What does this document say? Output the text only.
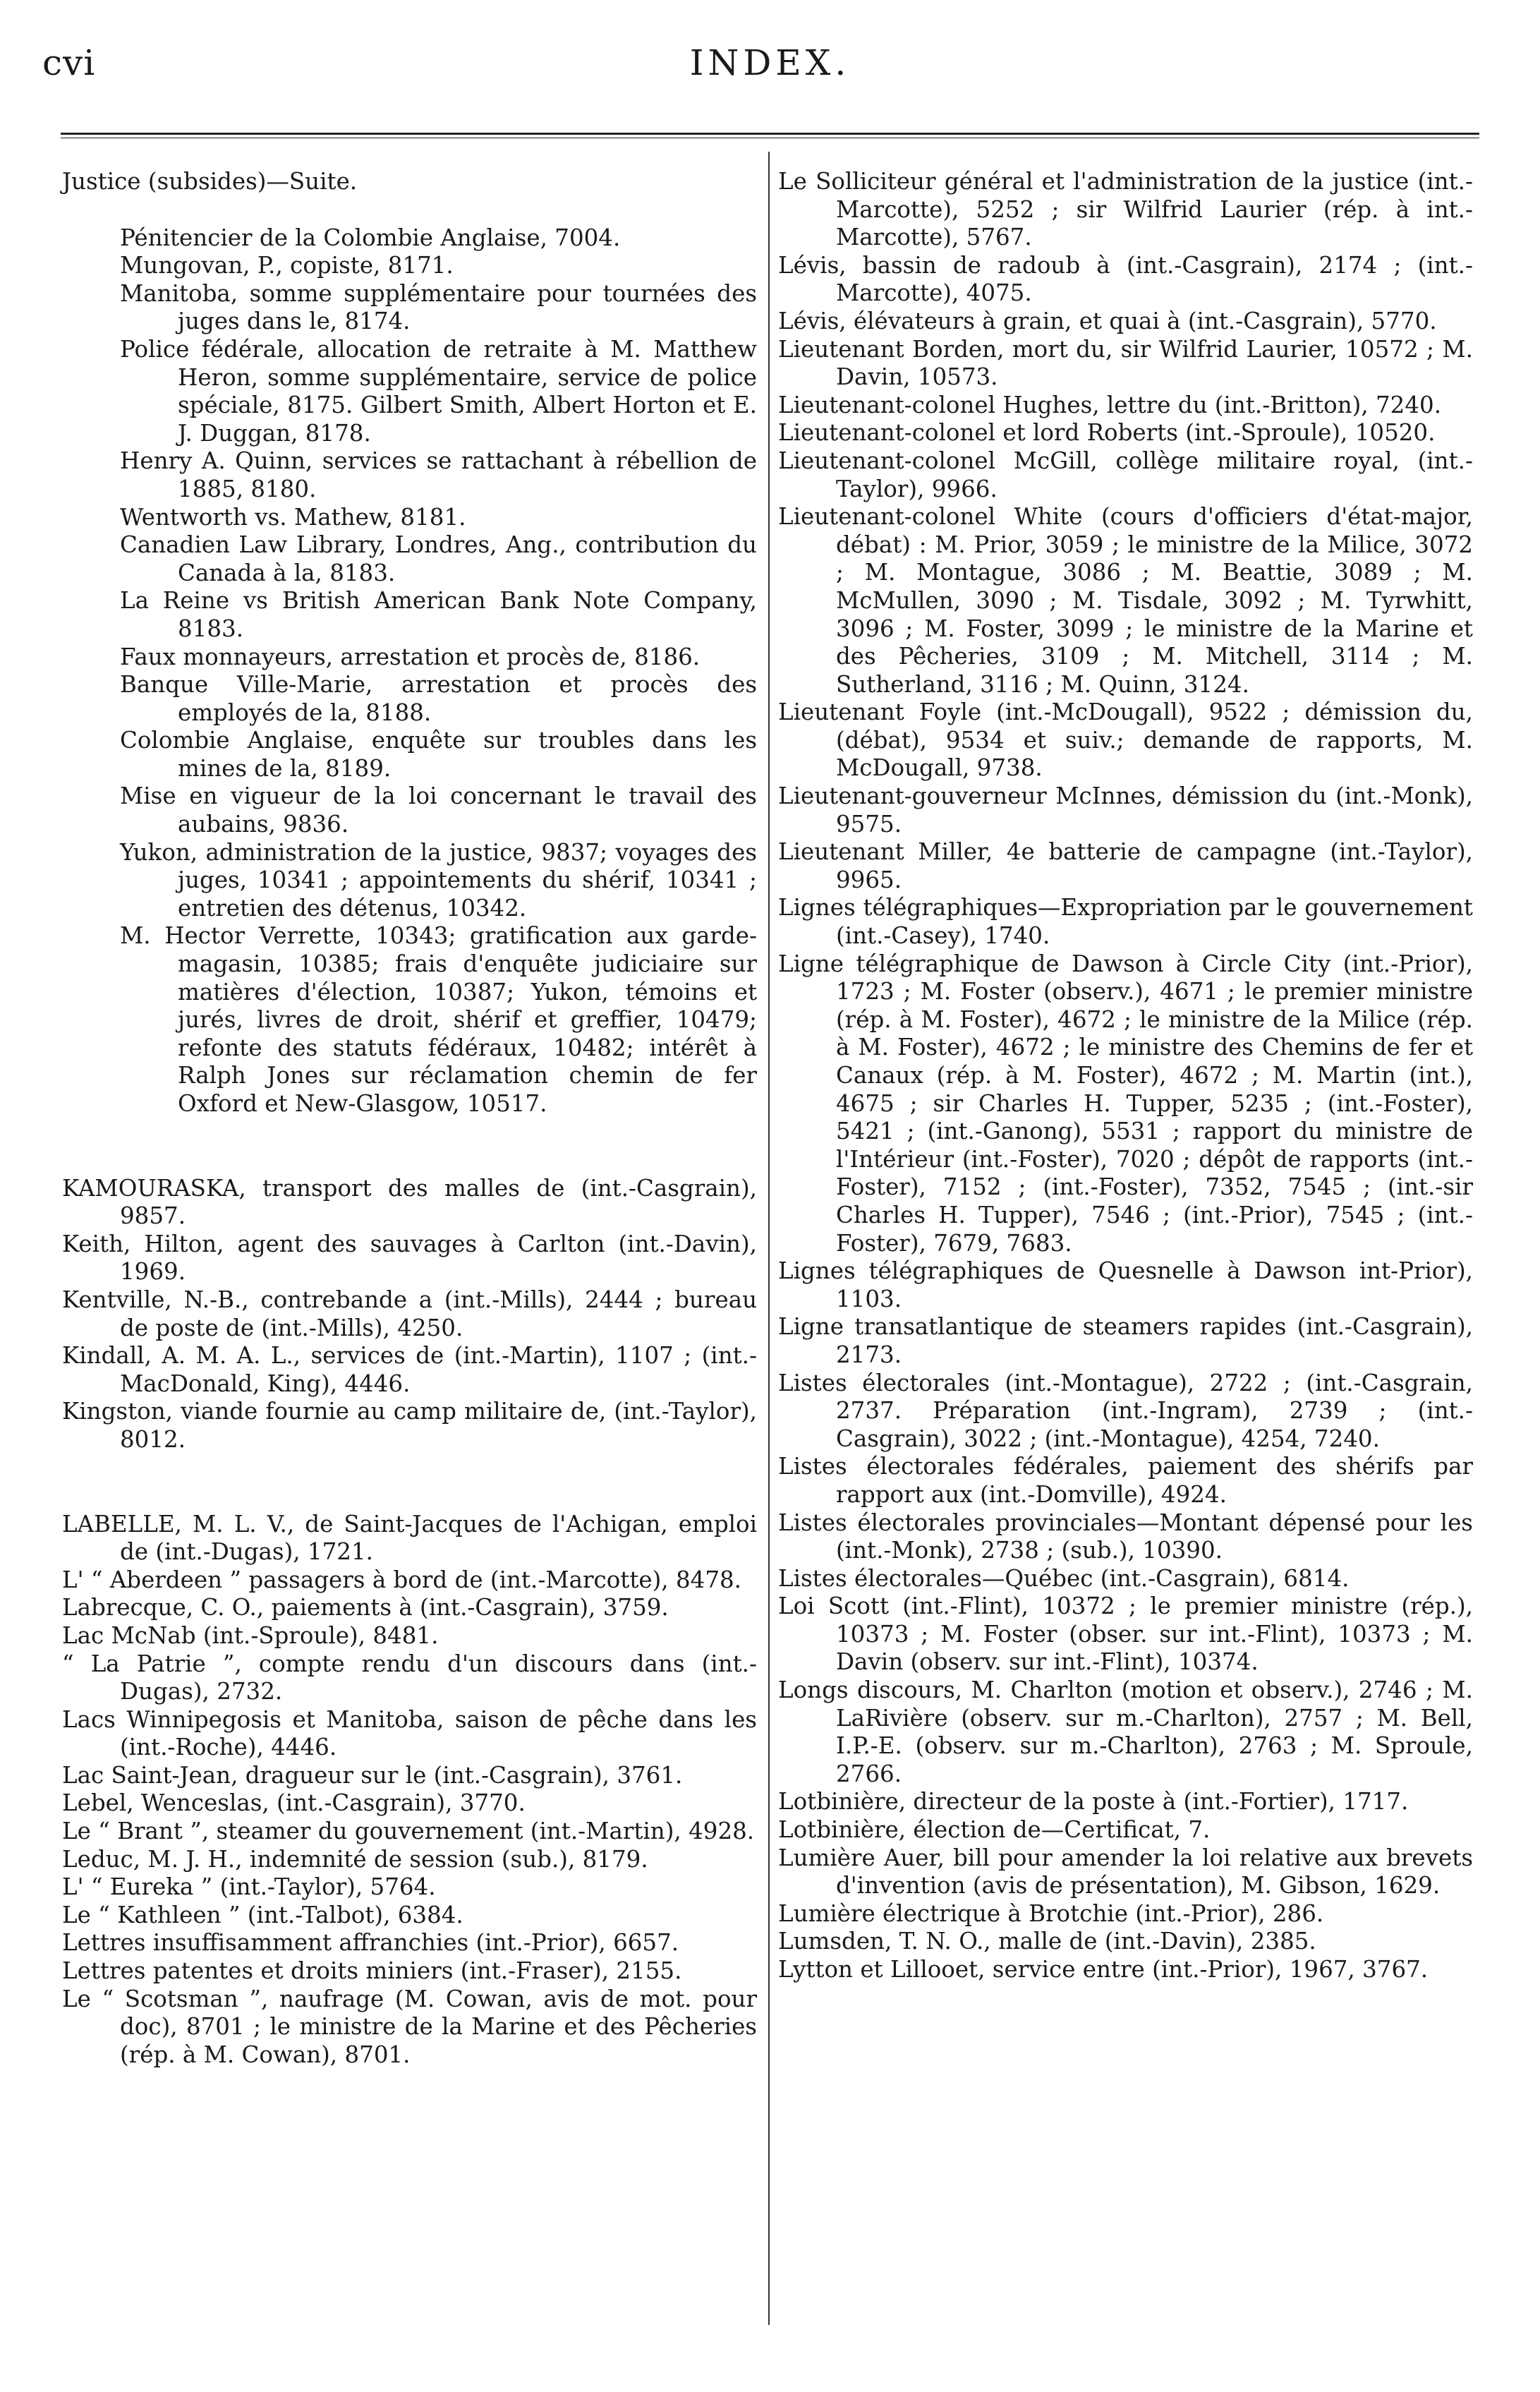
cvi	INDEX.
Justice (subsides)—Suite.
Pénitencier de la Colombie Anglaise, 7004.
Mungovan, P., copiste, 8171.
Manitoba, somme supplémentaire pour tournées des juges dans le, 8174.
Police fédérale, allocation de retraite à M. Matthew Heron, somme supplémentaire, service de police spéciale, 8175. Gilbert Smith, Albert Horton et E. J. Duggan, 8178.
Henry A. Quinn, services se rattachant à rébellion de 1885, 8180.
Wentworth vs. Mathew, 8181.
Canadien Law Library, Londres, Ang., contribution du Canada à la, 8183.
La Reine vs British American Bank Note Company, 8183.
Faux monnayeurs, arrestation et procès de, 8186.
Banque Ville-Marie, arrestation et procès des employés de la, 8188.
Colombie Anglaise, enquête sur troubles dans les mines de la, 8189.
Mise en vigueur de la loi concernant le travail des aubains, 9836.
Yukon, administration de la justice, 9837; voyages des juges, 10341 ; appointements du shérif, 10341 ; entretien des détenus, 10342.
M. Hector Verrette, 10343; gratification aux garde-magasin, 10385; frais d'enquête judiciaire sur matières d'élection, 10387; Yukon, témoins et jurés, livres de droit, shérif et greffier, 10479; refonte des statuts fédéraux, 10482; intérêt à Ralph Jones sur réclamation chemin de fer Oxford et New-Glasgow, 10517.
KAMOURASKA, transport des malles de (int.-Casgrain), 9857.
Keith, Hilton, agent des sauvages à Carlton (int.-Davin), 1969.
Kentville, N.-B., contrebande a (int.-Mills), 2444 ; bureau de poste de (int.-Mills), 4250.
Kindall, A. M. A. L., services de (int.-Martin), 1107 ; (int.-MacDonald, King), 4446.
Kingston, viande fournie au camp militaire de, (int.-Taylor), 8012.
LABELLE, M. L. V., de Saint-Jacques de l'Achigan, emploi de (int.-Dugas), 1721.
L' “ Aberdeen ” passagers à bord de (int.-Marcotte), 8478.
Labrecque, C. O., paiements à (int.-Casgrain), 3759.
Lac McNab (int.-Sproule), 8481.
“ La Patrie ”, compte rendu d'un discours dans (int.-Dugas), 2732.
Lacs Winnipegosis et Manitoba, saison de pêche dans les (int.-Roche), 4446.
Lac Saint-Jean, dragueur sur le (int.-Casgrain), 3761.
Lebel, Wenceslas, (int.-Casgrain), 3770.
Le “ Brant ”, steamer du gouvernement (int.-Martin), 4928.
Leduc, M. J. H., indemnité de session (sub.), 8179.
L' “ Eureka ” (int.-Taylor), 5764.
Le “ Kathleen ” (int.-Talbot), 6384.
Lettres insuffisamment affranchies (int.-Prior), 6657.
Lettres patentes et droits miniers (int.-Fraser), 2155.
Le “ Scotsman ”, naufrage (M. Cowan, avis de mot. pour doc), 8701 ; le ministre de la Marine et des Pêcheries (rép. à M. Cowan), 8701.
Le Solliciteur général et l'administration de la justice (int.-Marcotte), 5252 ; sir Wilfrid Laurier (rép. à int.-Marcotte), 5767.
Lévis, bassin de radoub à (int.-Casgrain), 2174 ; (int.-Marcotte), 4075.
Lévis, élévateurs à grain, et quai à (int.-Casgrain), 5770.
Lieutenant Borden, mort du, sir Wilfrid Laurier, 10572 ; M. Davin, 10573.
Lieutenant-colonel Hughes, lettre du (int.-Britton), 7240.
Lieutenant-colonel et lord Roberts (int.-Sproule), 10520.
Lieutenant-colonel McGill, collège militaire royal, (int.-Taylor), 9966.
Lieutenant-colonel White (cours d'officiers d'état-major, débat) : M. Prior, 3059 ; le ministre de la Milice, 3072 ; M. Montague, 3086 ; M. Beattie, 3089 ; M. McMullen, 3090 ; M. Tisdale, 3092 ; M. Tyrwhitt, 3096 ; M. Foster, 3099 ; le ministre de la Marine et des Pêcheries, 3109 ; M. Mitchell, 3114 ; M. Sutherland, 3116 ; M. Quinn, 3124.
Lieutenant Foyle (int.-McDougall), 9522 ; démission du, (débat), 9534 et suiv.; demande de rapports, M. McDougall, 9738.
Lieutenant-gouverneur McInnes, démission du (int.-Monk), 9575.
Lieutenant Miller, 4e batterie de campagne (int.-Taylor), 9965.
Lignes télégraphiques—Expropriation par le gouvernement (int.-Casey), 1740.
Ligne télégraphique de Dawson à Circle City (int.-Prior), 1723 ; M. Foster (observ.), 4671 ; le premier ministre (rép. à M. Foster), 4672 ; le ministre de la Milice (rép. à M. Foster), 4672 ; le ministre des Chemins de fer et Canaux (rép. à M. Foster), 4672 ; M. Martin (int.), 4675 ; sir Charles H. Tupper, 5235 ; (int.-Foster), 5421 ; (int.-Ganong), 5531 ; rapport du ministre de l'Intérieur (int.-Foster), 7020 ; dépôt de rapports (int.-Foster), 7152 ; (int.-Foster), 7352, 7545 ; (int.-sir Charles H. Tupper), 7546 ; (int.-Prior), 7545 ; (int.-Foster), 7679, 7683.
Lignes télégraphiques de Quesnelle à Dawson int-Prior), 1103.
Ligne transatlantique de steamers rapides (int.-Casgrain), 2173.
Listes électorales (int.-Montague), 2722 ; (int.-Casgrain, 2737. Préparation (int.-Ingram), 2739 ; (int.-Casgrain), 3022 ; (int.-Montague), 4254, 7240.
Listes électorales fédérales, paiement des shérifs par rapport aux (int.-Domville), 4924.
Listes électorales provinciales—Montant dépensé pour les (int.-Monk), 2738 ; (sub.), 10390.
Listes électorales—Québec (int.-Casgrain), 6814.
Loi Scott (int.-Flint), 10372 ; le premier ministre (rép.), 10373 ; M. Foster (obser. sur int.-Flint), 10373 ; M. Davin (observ. sur int.-Flint), 10374.
Longs discours, M. Charlton (motion et observ.), 2746 ; M. LaRivière (observ. sur m.-Charlton), 2757 ; M. Bell, I.P.-E. (observ. sur m.-Charlton), 2763 ; M. Sproule, 2766.
Lotbinière, directeur de la poste à (int.-Fortier), 1717.
Lotbinière, élection de—Certificat, 7.
Lumière Auer, bill pour amender la loi relative aux brevets d'invention (avis de présentation), M. Gibson, 1629.
Lumière électrique à Brotchie (int.-Prior), 286.
Lumsden, T. N. O., malle de (int.-Davin), 2385.
Lytton et Lillooet, service entre (int.-Prior), 1967, 3767.
